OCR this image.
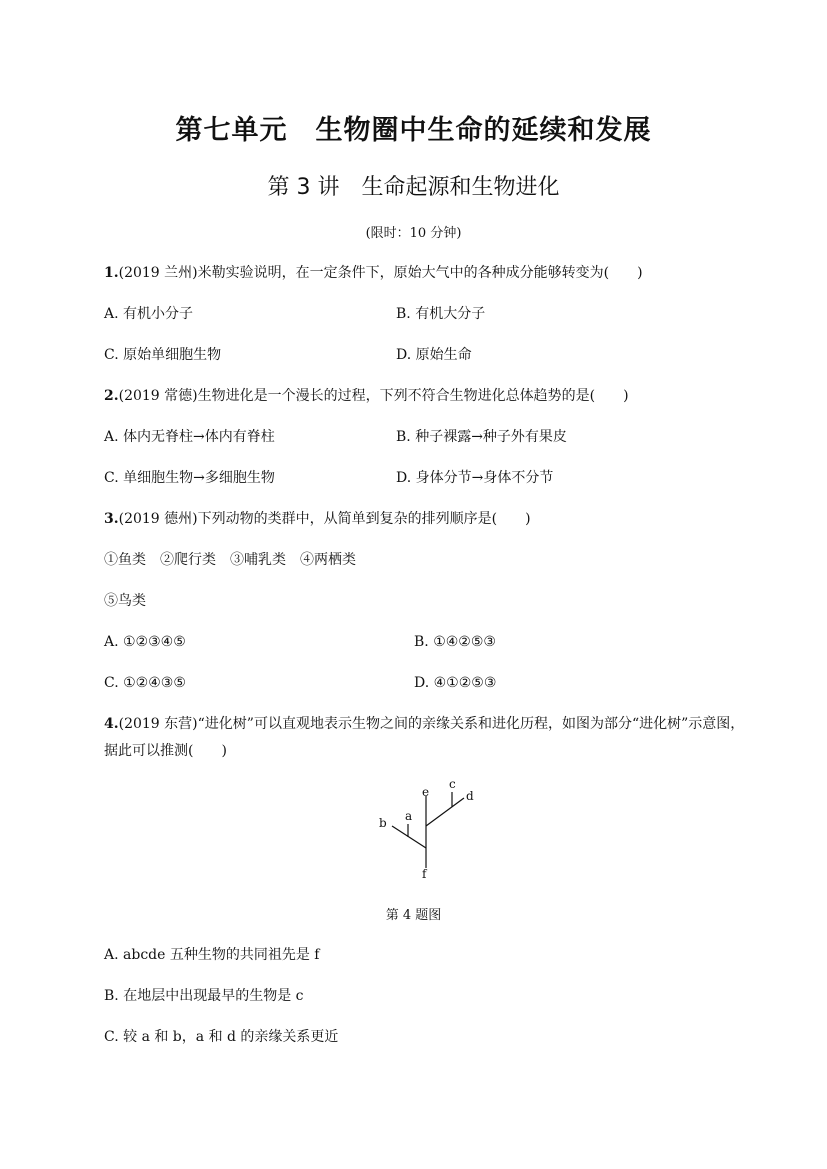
第七单元　生物圈中生命的延续和发展
第 3 讲　生命起源和生物进化
(限时：10 分钟)
1.(2019 兰州)米勒实验说明，在一定条件下，原始大气中的各种成分能够转变为(　　)
A. 有机小分子	B. 有机大分子
C. 原始单细胞生物	D. 原始生命
2.(2019 常德)生物进化是一个漫长的过程，下列不符合生物进化总体趋势的是(　　)
A. 体内无脊柱→体内有脊柱	B. 种子裸露→种子外有果皮
C. 单细胞生物→多细胞生物	D. 身体分节→身体不分节
3.(2019 德州)下列动物的类群中，从简单到复杂的排列顺序是(　　)
①鱼类　②爬行类　③哺乳类　④两栖类
⑤鸟类
A. ①②③④⑤	B. ①④②⑤③
C. ①②④③⑤	D. ④①②⑤③
4.(2019 东营)“进化树”可以直观地表示生物之间的亲缘关系和进化历程，如图为部分“进化树”示意图，
据此可以推测(　　)
e
c
d
a
b
f
第 4 题图
A. abcde 五种生物的共同祖先是 f
B. 在地层中出现最早的生物是 c
C. 较 a 和 b，a 和 d 的亲缘关系更近
